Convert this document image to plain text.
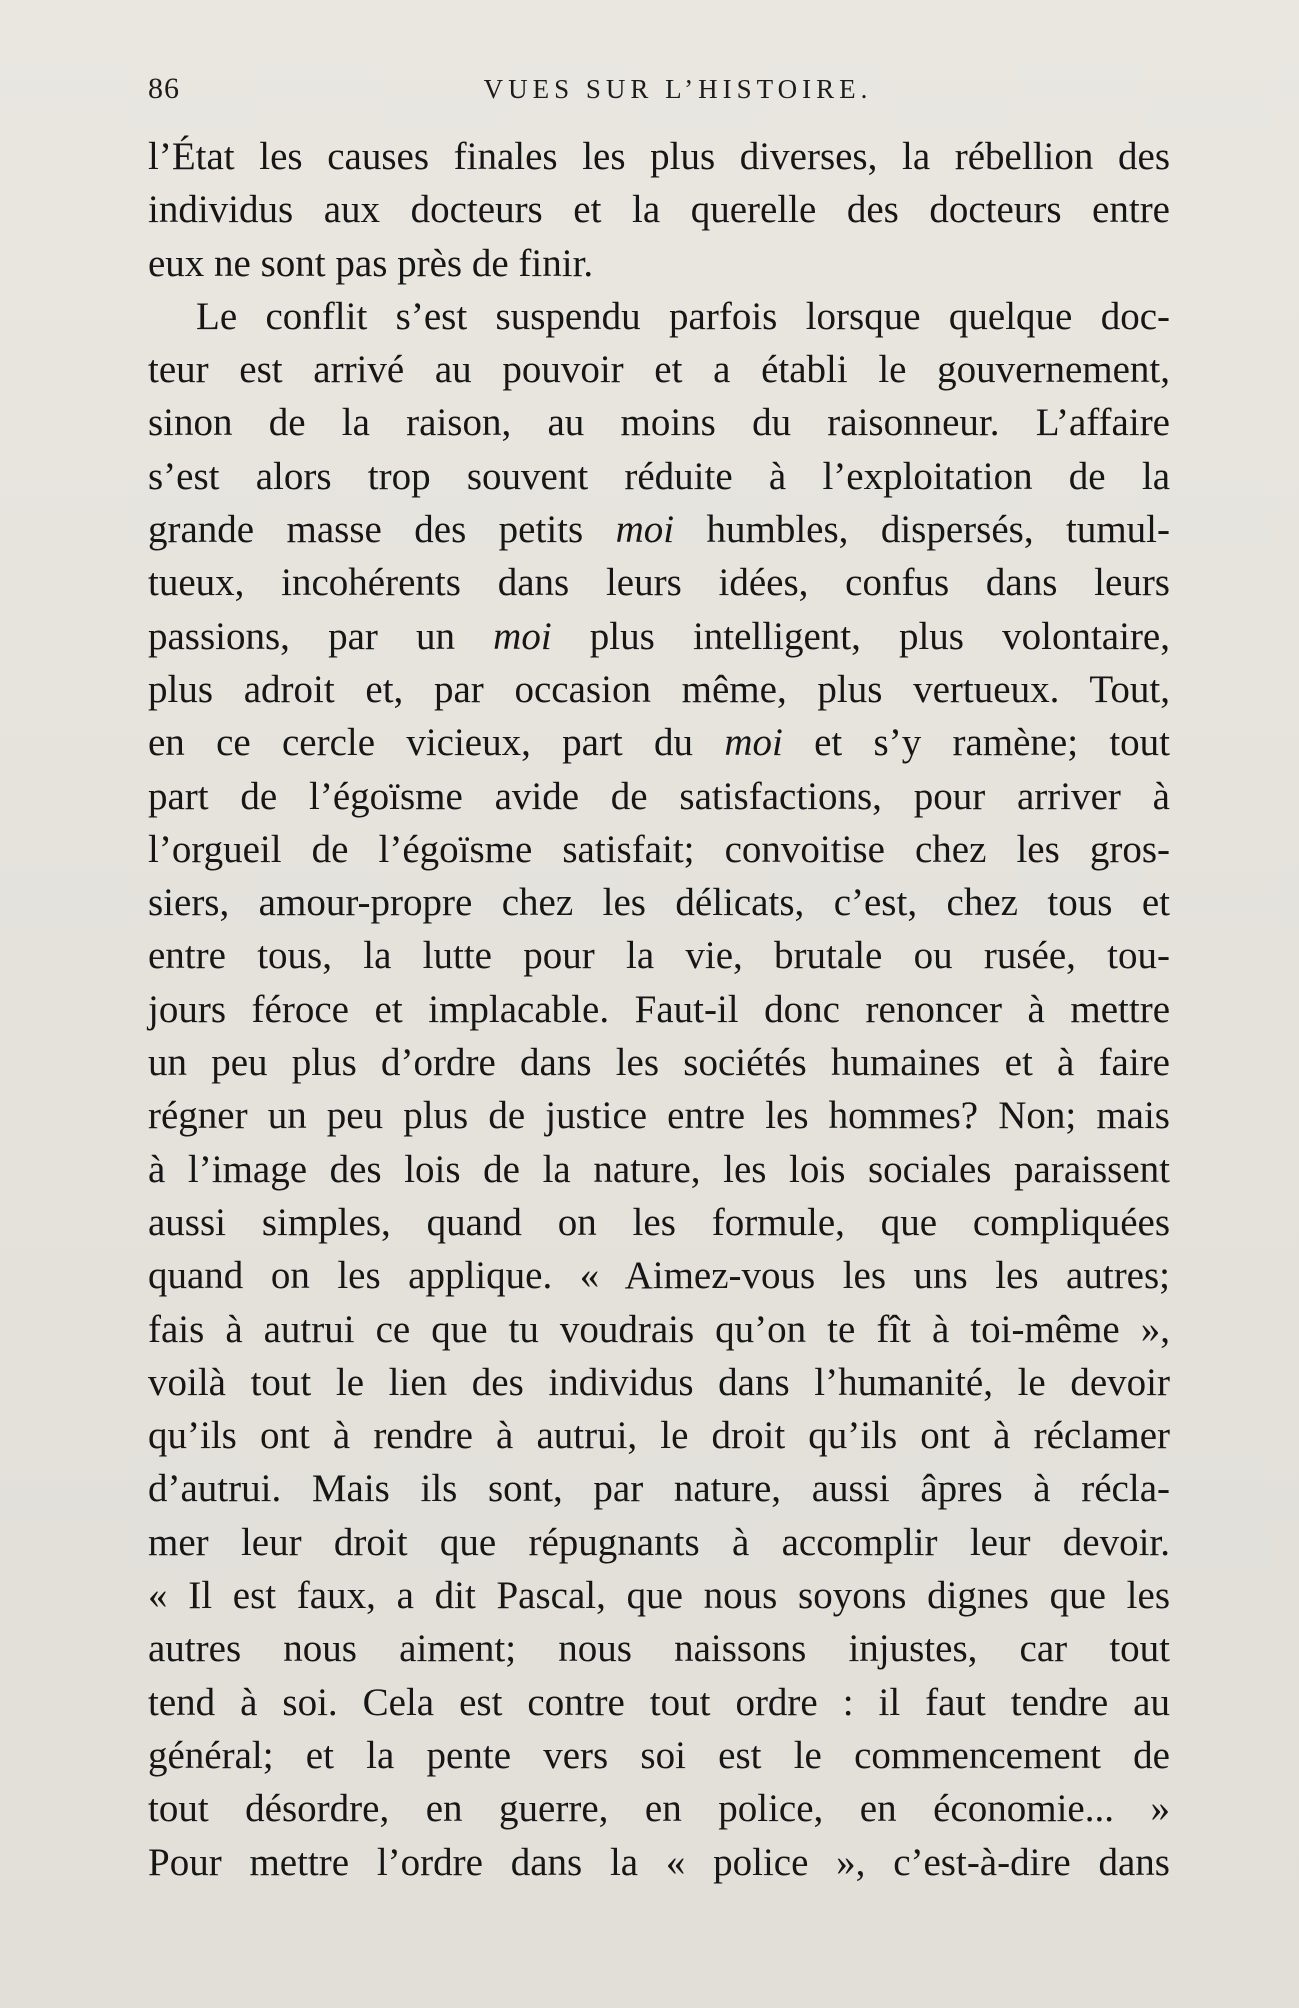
86	VUES SUR L’HISTOIRE.
l’État les causes finales les plus diverses, la rébellion des
individus aux docteurs et la querelle des docteurs entre
eux ne sont pas près de finir.
Le conflit s’est suspendu parfois lorsque quelque doc-
teur est arrivé au pouvoir et a établi le gouvernement,
sinon de la raison, au moins du raisonneur. L’affaire
s’est alors trop souvent réduite à l’exploitation de la
grande masse des petits moi humbles, dispersés, tumul-
tueux, incohérents dans leurs idées, confus dans leurs
passions, par un moi plus intelligent, plus volontaire,
plus adroit et, par occasion même, plus vertueux. Tout,
en ce cercle vicieux, part du moi et s’y ramène; tout
part de l’égoïsme avide de satisfactions, pour arriver à
l’orgueil de l’égoïsme satisfait; convoitise chez les gros-
siers, amour-propre chez les délicats, c’est, chez tous et
entre tous, la lutte pour la vie, brutale ou rusée, tou-
jours féroce et implacable. Faut-il donc renoncer à mettre
un peu plus d’ordre dans les sociétés humaines et à faire
régner un peu plus de justice entre les hommes? Non; mais
à l’image des lois de la nature, les lois sociales paraissent
aussi simples, quand on les formule, que compliquées
quand on les applique. « Aimez-vous les uns les autres;
fais à autrui ce que tu voudrais qu’on te fît à toi-même »,
voilà tout le lien des individus dans l’humanité, le devoir
qu’ils ont à rendre à autrui, le droit qu’ils ont à réclamer
d’autrui. Mais ils sont, par nature, aussi âpres à récla-
mer leur droit que répugnants à accomplir leur devoir.
« Il est faux, a dit Pascal, que nous soyons dignes que les
autres nous aiment; nous naissons injustes, car tout
tend à soi. Cela est contre tout ordre : il faut tendre au
général; et la pente vers soi est le commencement de
tout désordre, en guerre, en police, en économie... »
Pour mettre l’ordre dans la « police », c’est-à-dire dans
